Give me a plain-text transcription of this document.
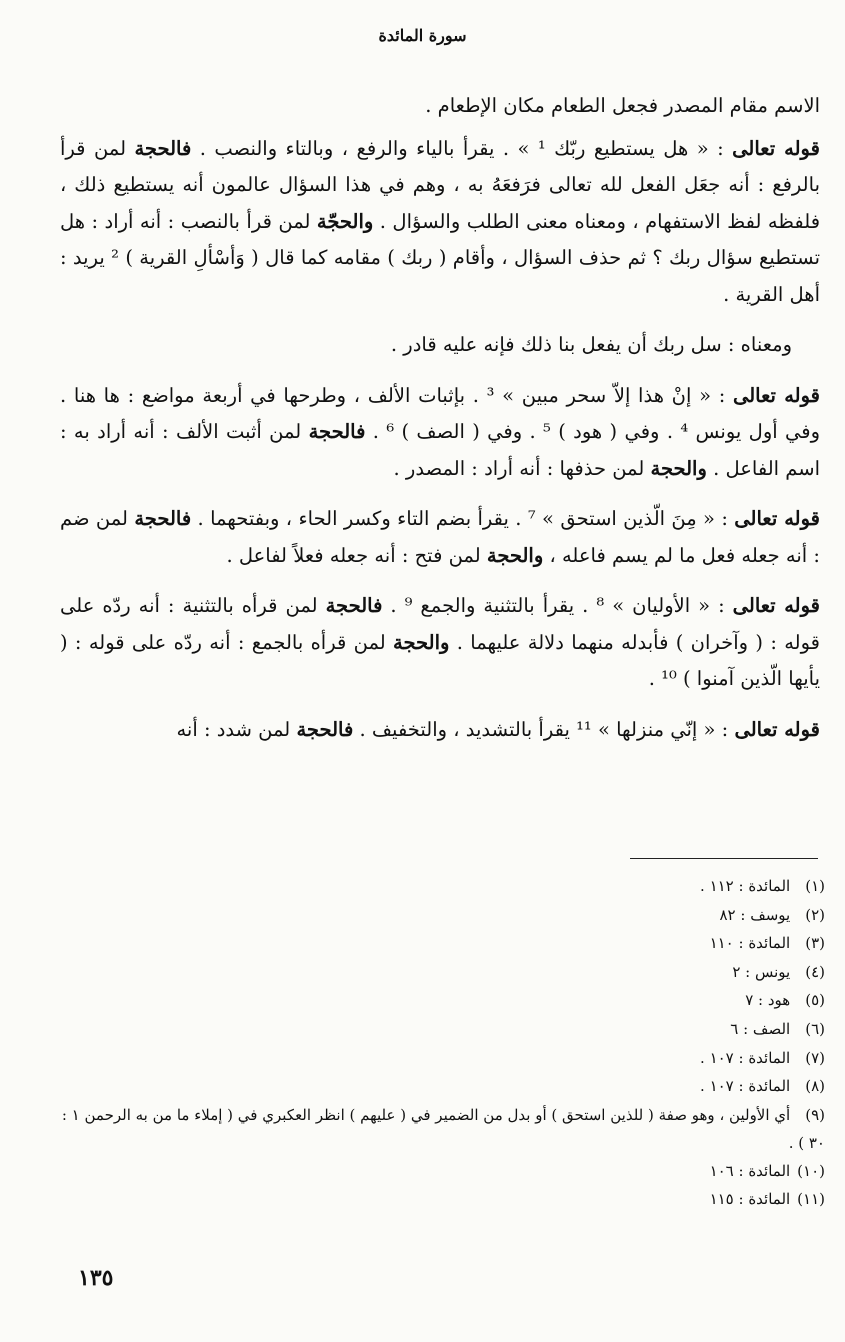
سورة المائدة

الاسم مقام المصدر فجعل الطعام مكان الإطعام .

قوله تعالى : « هل يستطيع ربّك ¹ » . يقرأ بالياء والرفع ، وبالتاء والنصب . فالحجة لمن قرأ بالرفع : أنه جعَل الفعل لله تعالى فرَفعَهُ به ، وهم في هذا السؤال عالمون أنه يستطيع ذلك ، فلفظه لفظ الاستفهام ، ومعناه معنى الطلب والسؤال . والحجّة لمن قرأ بالنصب : أنه أراد : هل تستطيع سؤال ربك ؟ ثم حذف السؤال ، وأقام ( ربك ) مقامه كما قال ( وَأسْألِ القرية ) ² يريد : أهل القرية .

ومعناه : سل ربك أن يفعل بنا ذلك فإنه عليه قادر .

قوله تعالى : « إنْ هذا إلاّ سحر مبين » ³ . بإثبات الألف ، وطرحها في أربعة مواضع : ها هنا . وفي أول يونس ⁴ . وفي ( هود ) ⁵ . وفي ( الصف ) ⁶ . فالحجة لمن أثبت الألف : أنه أراد به : اسم الفاعل . والحجة لمن حذفها : أنه أراد : المصدر .

قوله تعالى : « مِنَ الّذين استحق » ⁷ . يقرأ بضم التاء وكسر الحاء ، وبفتحهما . فالحجة لمن ضم : أنه جعله فعل ما لم يسم فاعله ، والحجة لمن فتح : أنه جعله فعلاً لفاعل .

قوله تعالى : « الأوليان » ⁸ . يقرأ بالتثنية والجمع ⁹ . فالحجة لمن قرأه بالتثنية : أنه ردّه على قوله : ( وآخران ) فأبدله منهما دلالة عليهما . والحجة لمن قرأه بالجمع : أنه ردّه على قوله : ( يأيها الّذين آمنوا ) ¹⁰ .

قوله تعالى : « إنّي منزلها » ¹¹ يقرأ بالتشديد ، والتخفيف . فالحجة لمن شدد : أنه

(١) المائدة : ١١٢ .
(٢) يوسف : ٨٢
(٣) المائدة : ١١٠
(٤) يونس : ٢
(٥) هود : ٧
(٦) الصف : ٦
(٧) المائدة : ١٠٧ .
(٨) المائدة : ١٠٧ .
(٩) أي الأولين ، وهو صفة ( للذين استحق ) أو بدل من الضمير في ( عليهم ) انظر العكبري في ( إملاء ما من به الرحمن ١ : ٣٠ ) .
(١٠) المائدة : ١٠٦
(١١) المائدة : ١١٥
١٣٥
